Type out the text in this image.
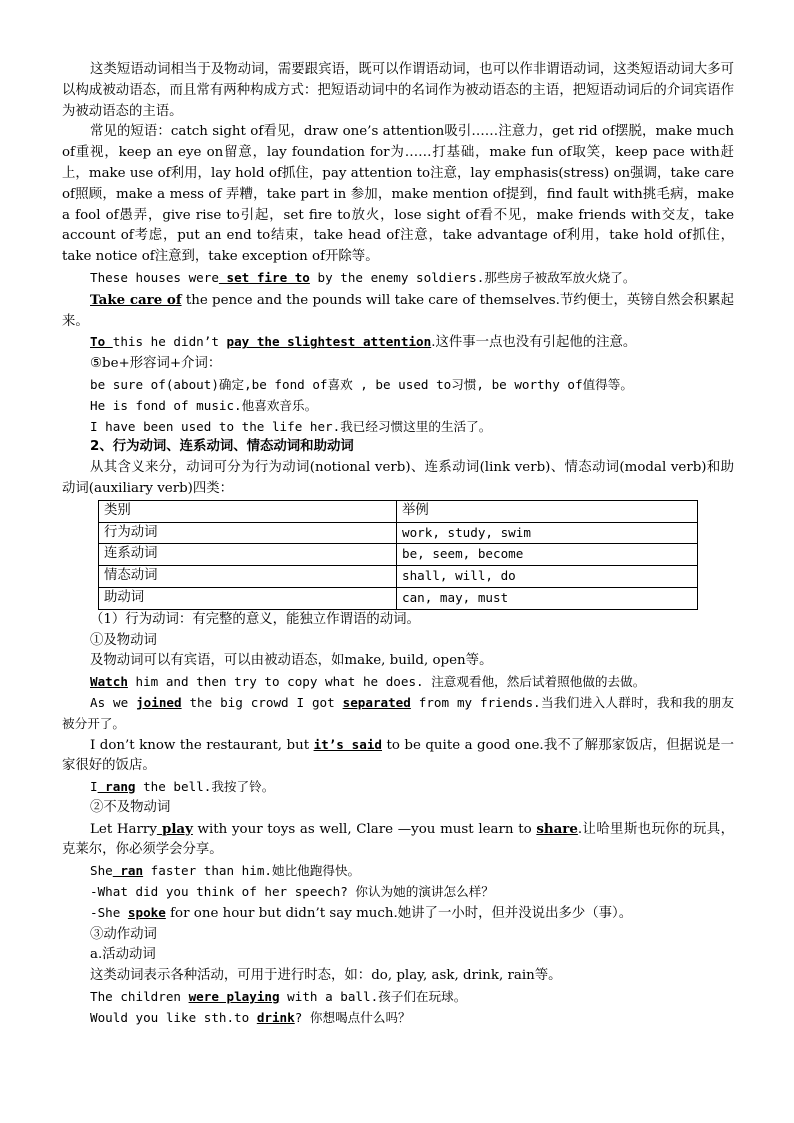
这类短语动词相当于及物动词，需要跟宾语，既可以作谓语动词，也可以作非谓语动词，这类短语动词大多可以构成被动语态，而且常有两种构成方式：把短语动词中的名词作为被动语态的主语，把短语动词后的介词宾语作为被动语态的主语。

常见的短语：catch sight of看见，draw one’s attention吸引……注意力，get rid of摆脱，make much of重视，keep an eye on留意，lay foundation for为……打基础，make fun of取笑，keep pace with赶上，make use of利用，lay hold of抓住，pay attention to注意，lay emphasis(stress) on强调，take care of照顾，make a mess of 弄糟，take part in 参加，make mention of提到，find fault with挑毛病，make a fool of愚弄，give rise to引起，set fire to放火，lose sight of看不见，make friends with交友，take account of考虑，put an end to结束，take head of注意，take advantage of利用，take hold of抓住，take notice of注意到，take exception of开除等。

These houses were set fire to by the enemy soldiers.那些房子被敌军放火烧了。

Take care of the pence and the pounds will take care of themselves.节约便士，英镑自然会积累起来。

To this he didn’t pay the slightest attention.这件事一点也没有引起他的注意。

⑤be+形容词+介词：

be sure of(about)确定,be fond of喜欢 , be used to习惯, be worthy of值得等。

He is fond of music.他喜欢音乐。

I have been used to the life her.我已经习惯这里的生活了。

2、行为动词、连系动词、情态动词和助动词

从其含义来分，动词可分为行为动词(notional verb)、连系动词(link verb)、情态动词(modal verb)和助动词(auxiliary verb)四类：

类别	举例
行为动词	work, study, swim
连系动词	be, seem, become
情态动词	shall, will, do
助动词	can, may, must

（1）行为动词：有完整的意义，能独立作谓语的动词。

①及物动词

及物动词可以有宾语，可以由被动语态，如make, build, open等。

Watch him and then try to copy what he does. 注意观看他，然后试着照他做的去做。

As we joined the big crowd I got separated from my friends.当我们进入人群时，我和我的朋友被分开了。

I don’t know the restaurant, but it’s said to be quite a good one.我不了解那家饭店，但据说是一家很好的饭店。

I rang the bell.我按了铃。

②不及物动词

Let Harry play with your toys as well, Clare —you must learn to share.让哈里斯也玩你的玩具，克莱尔，你必须学会分享。

She ran faster than him.她比他跑得快。

-What did you think of her speech? 你认为她的演讲怎么样？

-She spoke for one hour but didn’t say much.她讲了一小时，但并没说出多少（事）。

③动作动词

a.活动动词

这类动词表示各种活动，可用于进行时态，如：do, play, ask, drink, rain等。

The children were playing with a ball.孩子们在玩球。

Would you like sth.to drink? 你想喝点什么吗？
